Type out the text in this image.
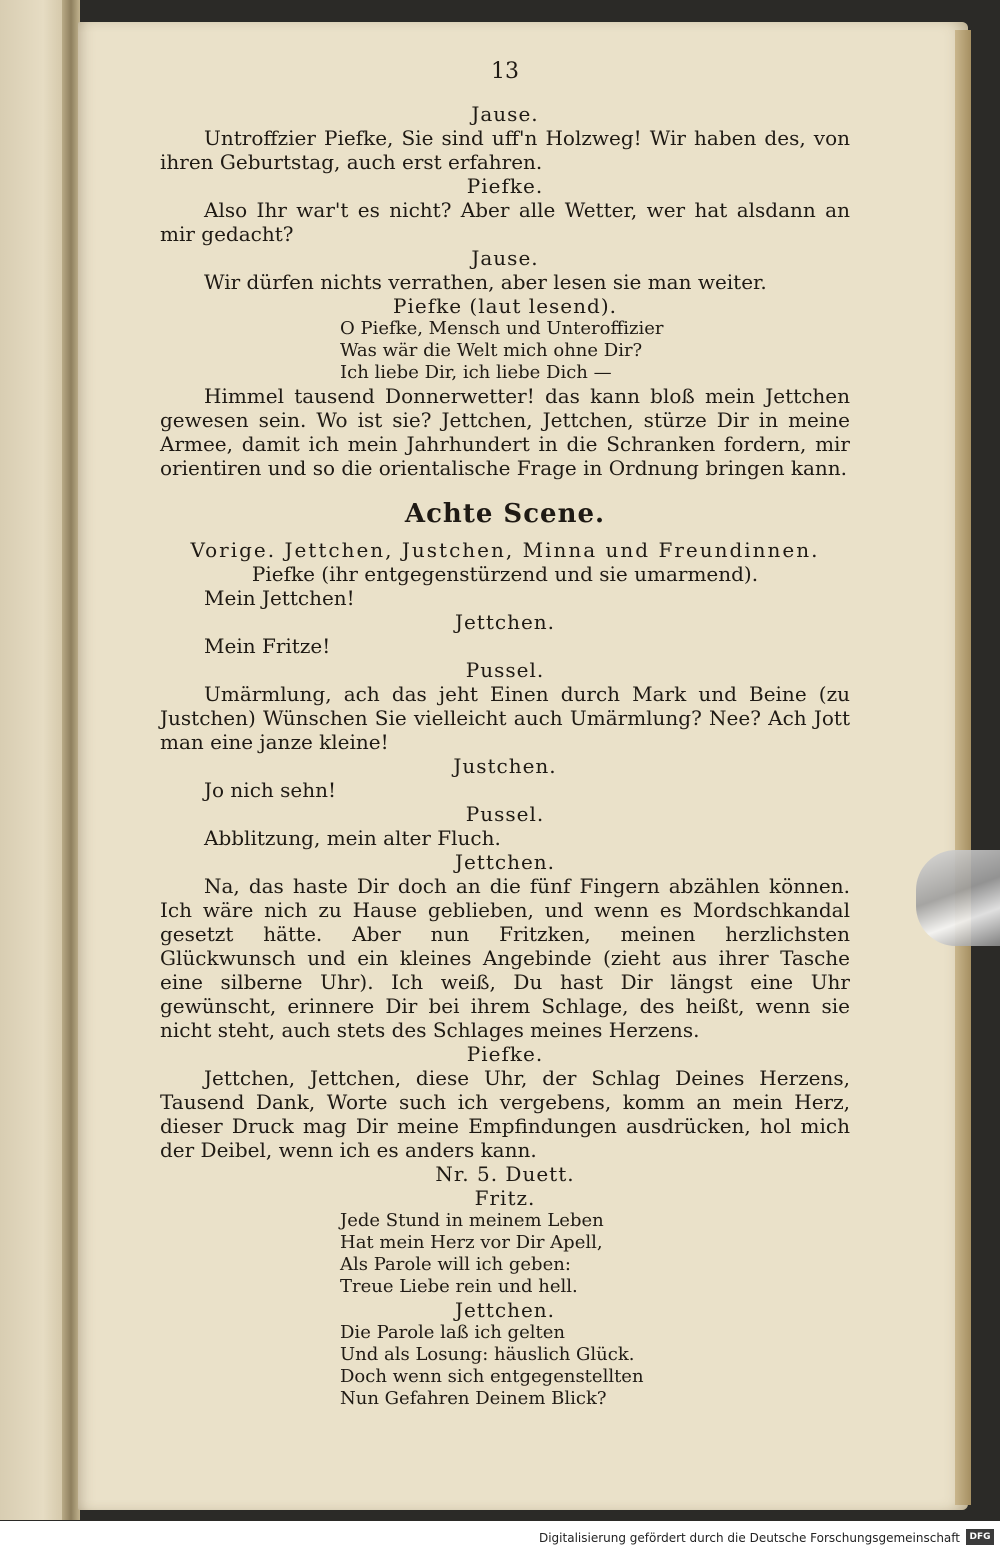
13
Jause.
Untroffzier Piefke, Sie sind uff'n Holzweg! Wir haben des, von ihren Geburtstag, auch erst erfahren.
Piefke.
Also Ihr war't es nicht? Aber alle Wetter, wer hat alsdann an mir gedacht?
Jause.
Wir dürfen nichts verrathen, aber lesen sie man weiter.
Piefke (laut lesend).
O Piefke, Mensch und Unteroffizier
Was wär die Welt mich ohne Dir?
Ich liebe Dir, ich liebe Dich —
Himmel tausend Donnerwetter! das kann bloß mein Jettchen gewesen sein. Wo ist sie? Jettchen, Jettchen, stürze Dir in meine Armee, damit ich mein Jahrhundert in die Schranken fordern, mir orientiren und so die orientalische Frage in Ordnung bringen kann.
Achte Scene.
Vorige. Jettchen, Justchen, Minna und Freundinnen.
Piefke (ihr entgegenstürzend und sie umarmend).
Mein Jettchen!
Jettchen.
Mein Fritze!
Pussel.
Umärmlung, ach das jeht Einen durch Mark und Beine (zu Justchen) Wünschen Sie vielleicht auch Umärmlung? Nee? Ach Jott man eine janze kleine!
Justchen.
Jo nich sehn!
Pussel.
Abblitzung, mein alter Fluch.
Jettchen.
Na, das haste Dir doch an die fünf Fingern abzählen können. Ich wäre nich zu Hause geblieben, und wenn es Mordschkandal gesetzt hätte. Aber nun Fritzken, meinen herzlichsten Glückwunsch und ein kleines Angebinde (zieht aus ihrer Tasche eine silberne Uhr). Ich weiß, Du hast Dir längst eine Uhr gewünscht, erinnere Dir bei ihrem Schlage, des heißt, wenn sie nicht steht, auch stets des Schlages meines Herzens.
Piefke.
Jettchen, Jettchen, diese Uhr, der Schlag Deines Herzens, Tausend Dank, Worte such ich vergebens, komm an mein Herz, dieser Druck mag Dir meine Empfindungen ausdrücken, hol mich der Deibel, wenn ich es anders kann.
Nr. 5. Duett.
Fritz.
Jede Stund in meinem Leben
Hat mein Herz vor Dir Apell,
Als Parole will ich geben:
Treue Liebe rein und hell.
Jettchen.
Die Parole laß ich gelten
Und als Losung: häuslich Glück.
Doch wenn sich entgegenstellten
Nun Gefahren Deinem Blick?
Digitalisierung gefördert durch die Deutsche Forschungsgemeinschaft	DFG
